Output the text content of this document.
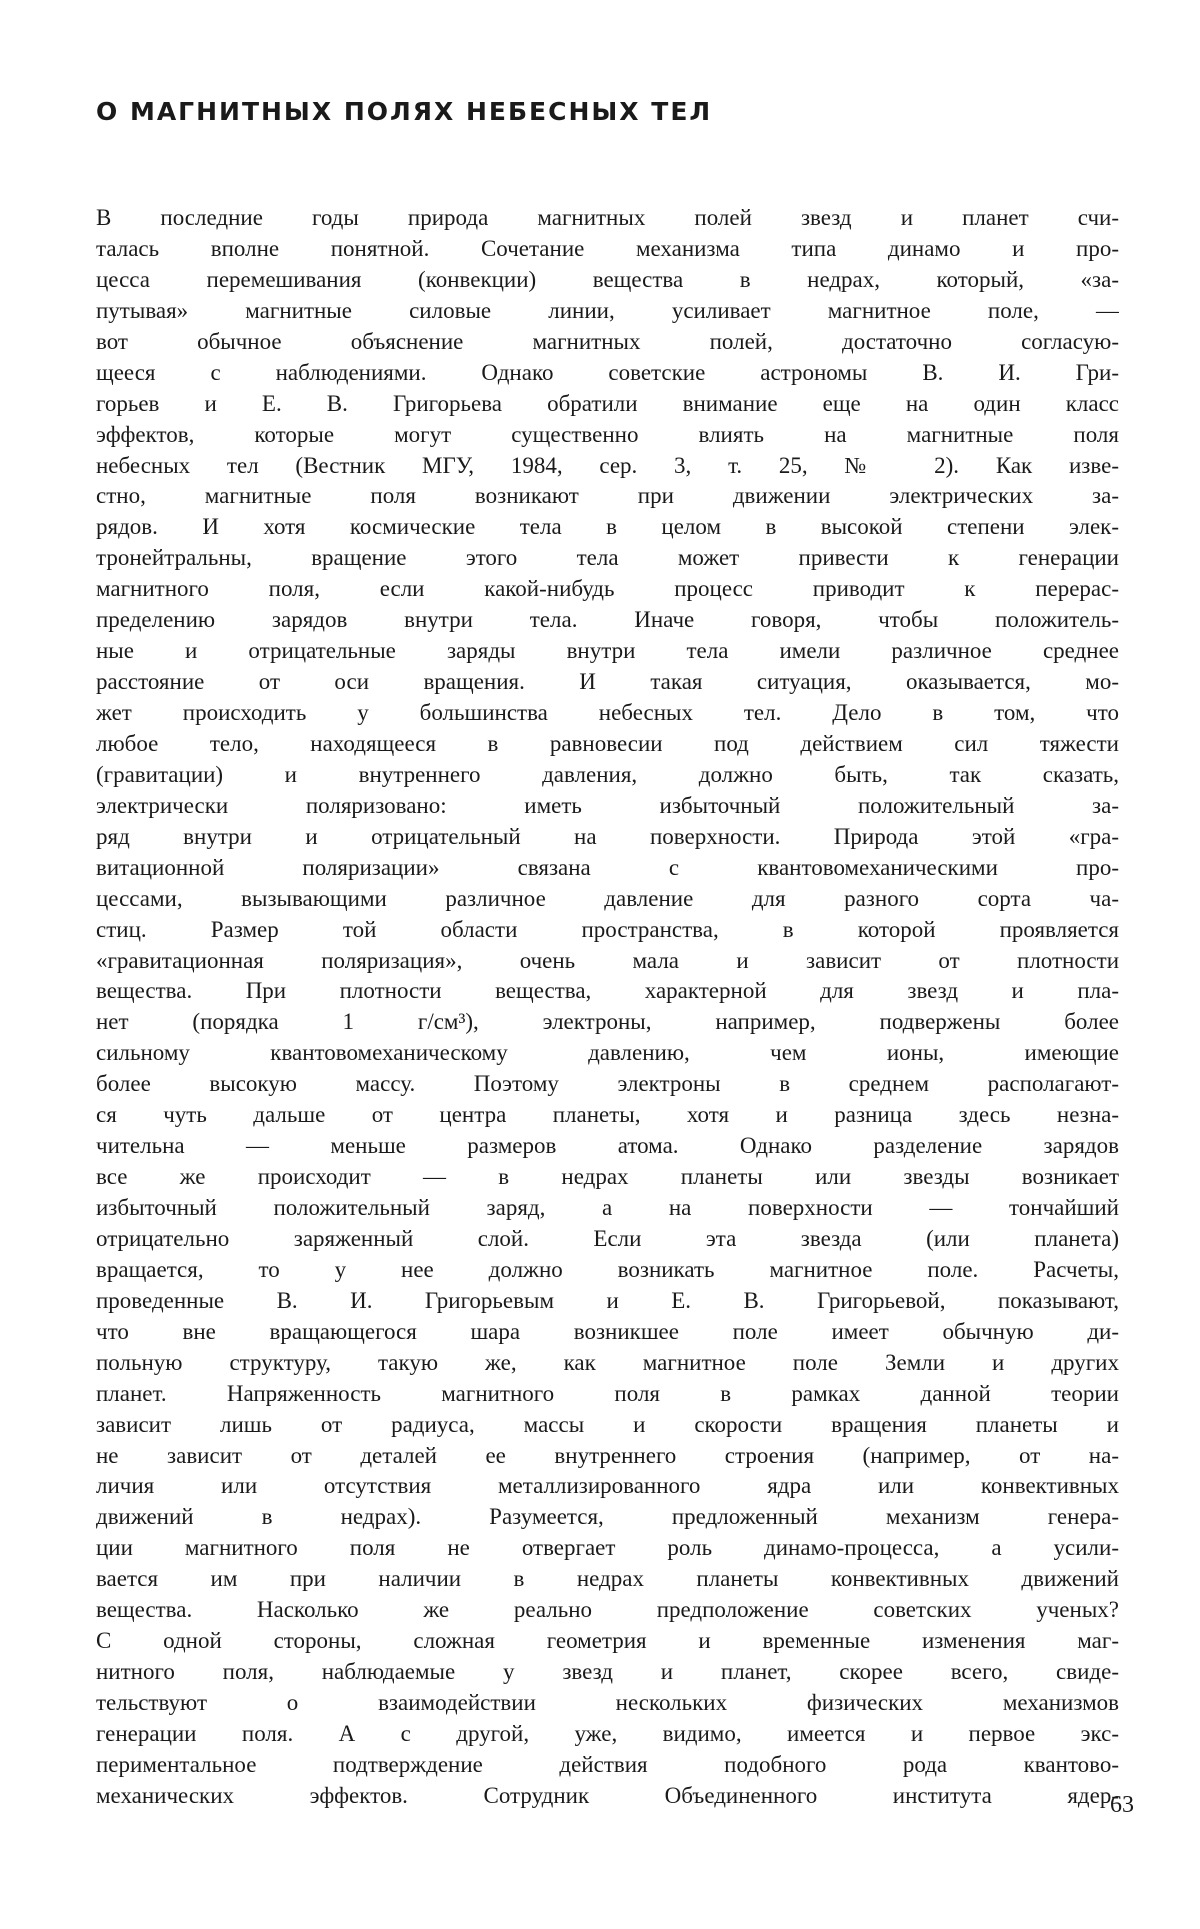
О МАГНИТНЫХ ПОЛЯХ НЕБЕСНЫХ ТЕЛ
В последние годы природа магнитных полей звезд и планет счи-
талась вполне понятной. Сочетание механизма типа динамо и про-
цесса перемешивания (конвекции) вещества в недрах, который, «за-
путывая» магнитные силовые линии, усиливает магнитное поле, —
вот обычное объяснение магнитных полей, достаточно согласую-
щееся с наблюдениями. Однако советские астрономы В. И. Гри-
горьев и Е. В. Григорьева обратили внимание еще на один класс
эффектов, которые могут существенно влиять на магнитные поля
небесных тел (Вестник МГУ, 1984, сер. 3, т. 25, № 2). Как изве-
стно, магнитные поля возникают при движении электрических за-
рядов. И хотя космические тела в целом в высокой степени элек-
тронейтральны, вращение этого тела может привести к генерации
магнитного поля, если какой-нибудь процесс приводит к перерас-
пределению зарядов внутри тела. Иначе говоря, чтобы положитель-
ные и отрицательные заряды внутри тела имели различное среднее
расстояние от оси вращения. И такая ситуация, оказывается, мо-
жет происходить у большинства небесных тел. Дело в том, что
любое тело, находящееся в равновесии под действием сил тяжести
(гравитации) и внутреннего давления, должно быть, так сказать,
электрически поляризовано: иметь избыточный положительный за-
ряд внутри и отрицательный на поверхности. Природа этой «гра-
витационной поляризации» связана с квантовомеханическими про-
цессами, вызывающими различное давление для разного сорта ча-
стиц. Размер той области пространства, в которой проявляется
«гравитационная поляризация», очень мала и зависит от плотности
вещества. При плотности вещества, характерной для звезд и пла-
нет (порядка 1 г/см³), электроны, например, подвержены более
сильному квантовомеханическому давлению, чем ионы, имеющие
более высокую массу. Поэтому электроны в среднем располагают-
ся чуть дальше от центра планеты, хотя и разница здесь незна-
чительна — меньше размеров атома. Однако разделение зарядов
все же происходит — в недрах планеты или звезды возникает
избыточный положительный заряд, а на поверхности — тончайший
отрицательно заряженный слой. Если эта звезда (или планета)
вращается, то у нее должно возникать магнитное поле. Расчеты,
проведенные В. И. Григорьевым и Е. В. Григорьевой, показывают,
что вне вращающегося шара возникшее поле имеет обычную ди-
польную структуру, такую же, как магнитное поле Земли и других
планет. Напряженность магнитного поля в рамках данной теории
зависит лишь от радиуса, массы и скорости вращения планеты и
не зависит от деталей ее внутреннего строения (например, от на-
личия или отсутствия металлизированного ядра или конвективных
движений в недрах). Разумеется, предложенный механизм генера-
ции магнитного поля не отвергает роль динамо-процесса, а усили-
вается им при наличии в недрах планеты конвективных движений
вещества. Насколько же реально предположение советских ученых?
С одной стороны, сложная геометрия и временные изменения маг-
нитного поля, наблюдаемые у звезд и планет, скорее всего, свиде-
тельствуют о взаимодействии нескольких физических механизмов
генерации поля. А с другой, уже, видимо, имеется и первое экс-
периментальное подтверждение действия подобного рода квантово-
механических эффектов. Сотрудник Объединенного института ядер-
63
